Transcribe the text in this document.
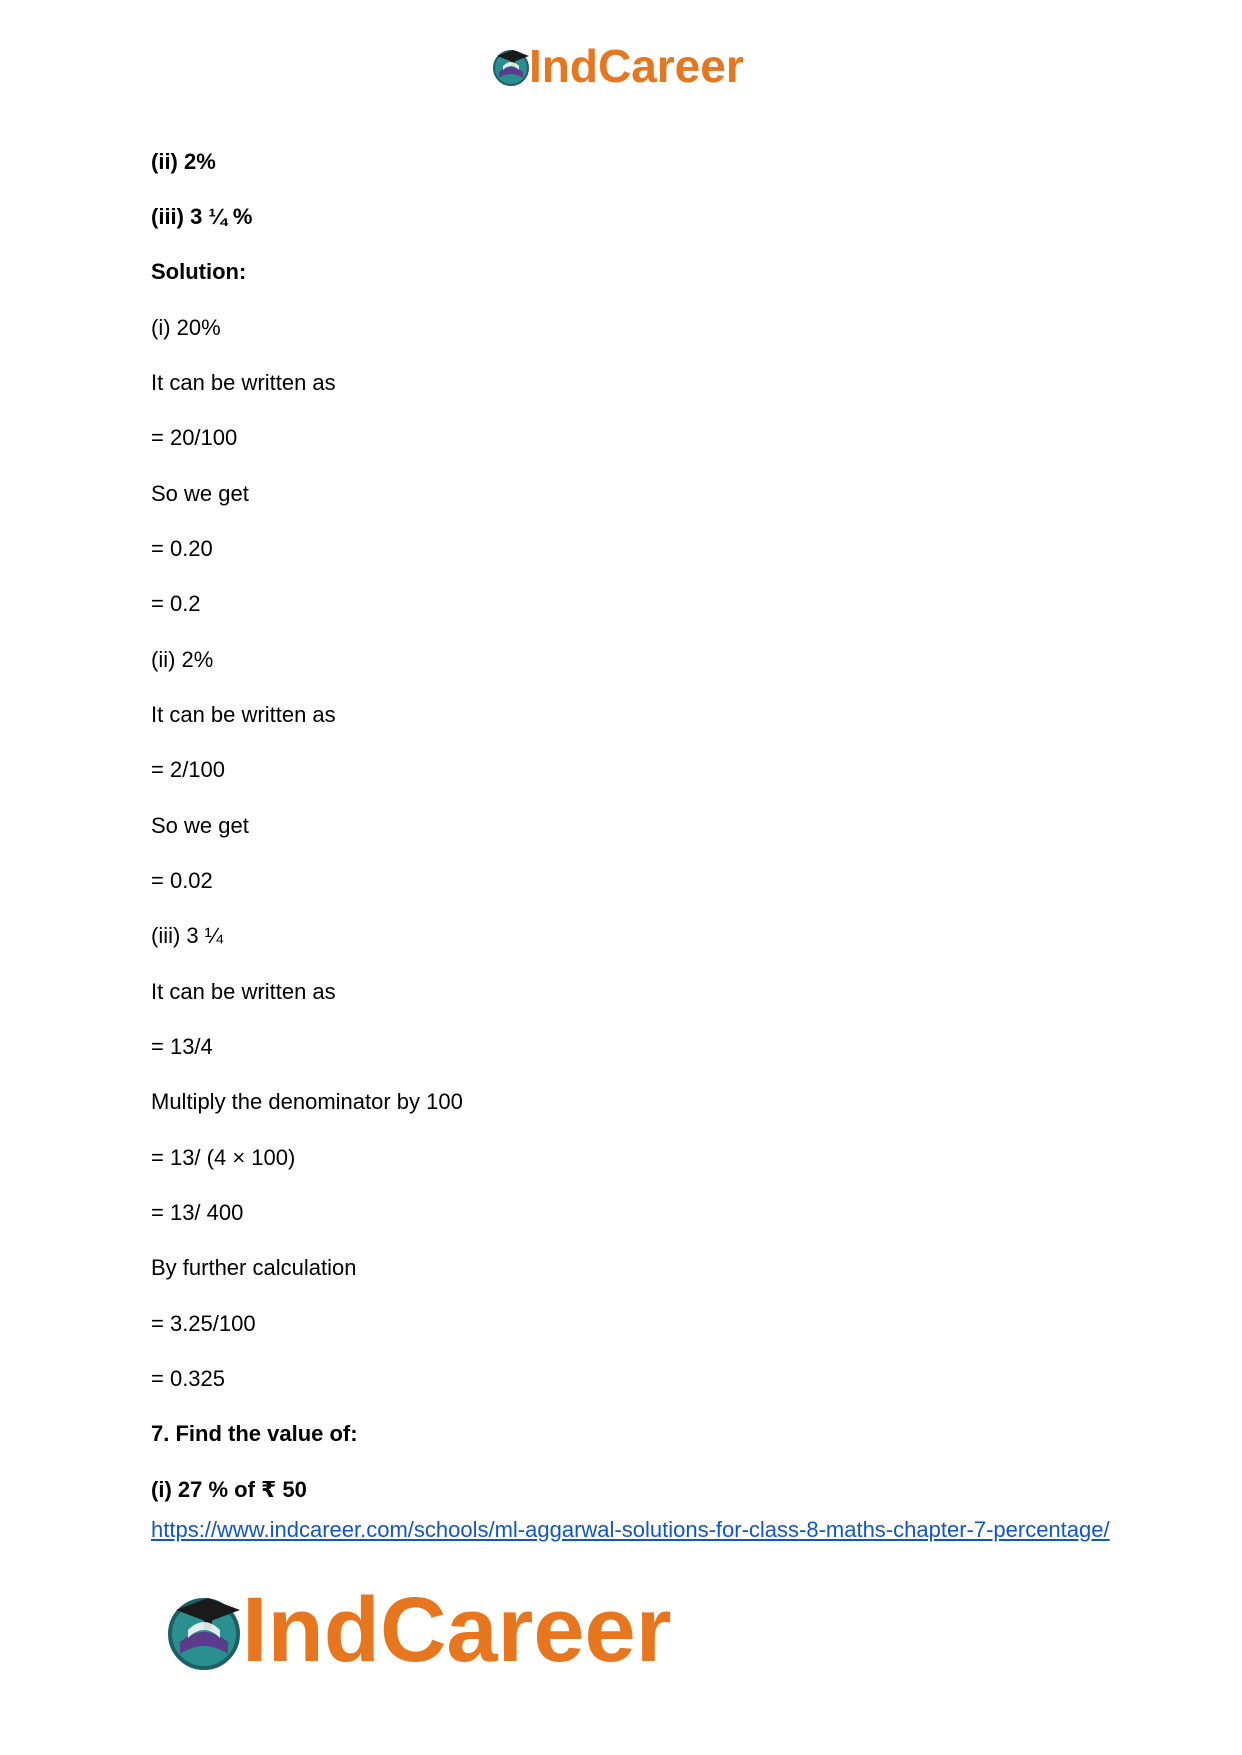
IndCareer
(ii) 2%
(iii) 3 ¼ %
Solution:
(i) 20%
It can be written as
= 20/100
So we get
= 0.20
= 0.2
(ii) 2%
It can be written as
= 2/100
So we get
= 0.02
(iii) 3 ¼
It can be written as
= 13/4
Multiply the denominator by 100
= 13/ (4 × 100)
= 13/ 400
By further calculation
= 3.25/100
= 0.325
7. Find the value of:
(i) 27 % of ₹ 50
https://www.indcareer.com/schools/ml-aggarwal-solutions-for-class-8-maths-chapter-7-percentage/
IndCareer
